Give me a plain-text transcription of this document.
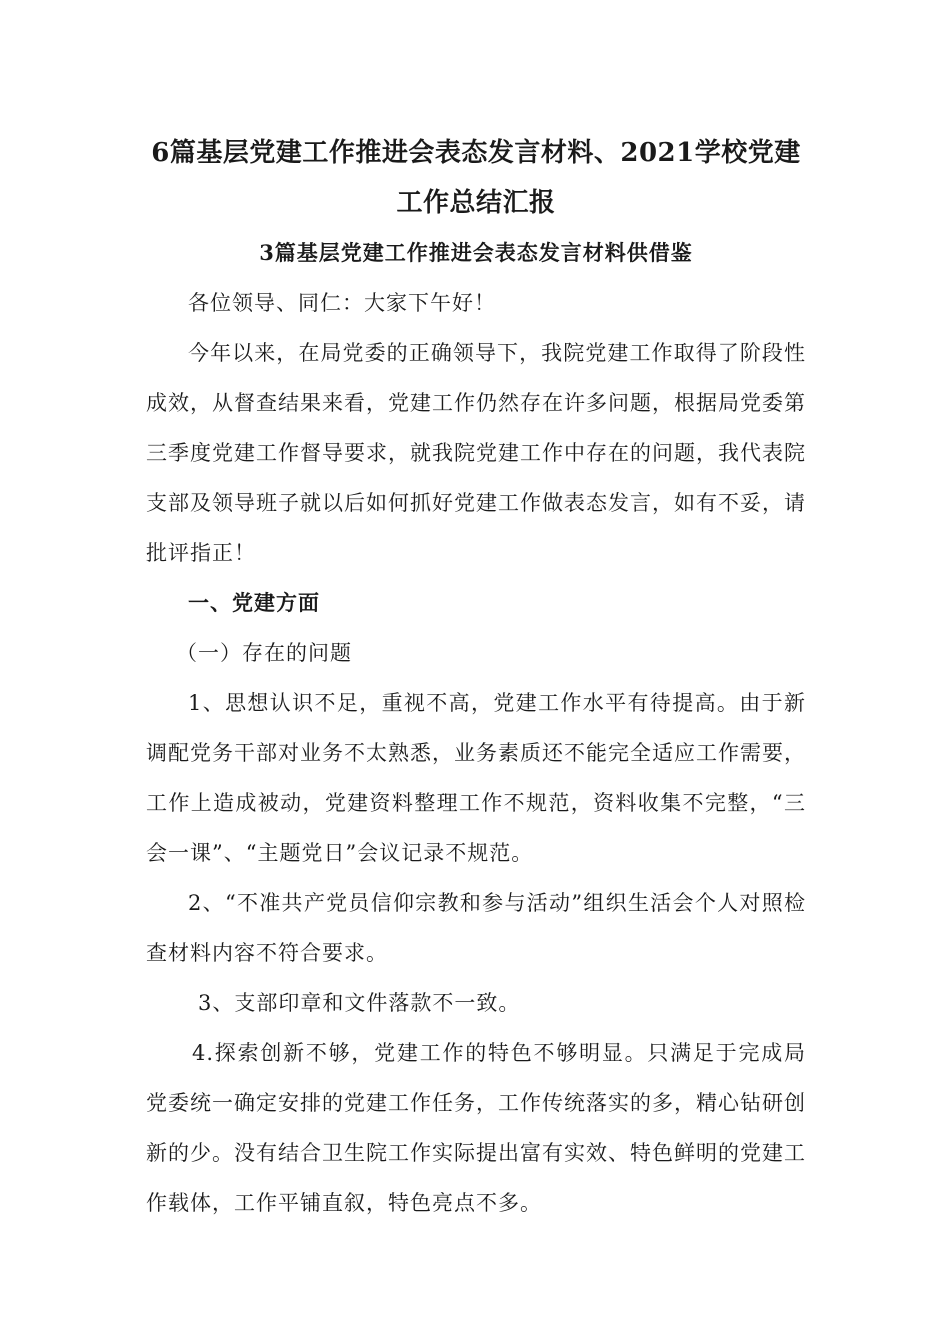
6篇基层党建工作推进会表态发言材料、2021学校党建工作总结汇报
3篇基层党建工作推进会表态发言材料供借鉴

各位领导、同仁：大家下午好！

今年以来，在局党委的正确领导下，我院党建工作取得了阶段性成效，从督查结果来看，党建工作仍然存在许多问题，根据局党委第三季度党建工作督导要求，就我院党建工作中存在的问题，我代表院支部及领导班子就以后如何抓好党建工作做表态发言，如有不妥，请批评指正！

一、党建方面

（一）存在的问题

1、思想认识不足，重视不高，党建工作水平有待提高。由于新调配党务干部对业务不太熟悉，业务素质还不能完全适应工作需要，工作上造成被动，党建资料整理工作不规范，资料收集不完整，“三会一课”、“主题党日”会议记录不规范。

2、“不准共产党员信仰宗教和参与活动”组织生活会个人对照检查材料内容不符合要求。

3、支部印章和文件落款不一致。

4.探索创新不够，党建工作的特色不够明显。只满足于完成局党委统一确定安排的党建工作任务，工作传统落实的多，精心钻研创新的少。没有结合卫生院工作实际提出富有实效、特色鲜明的党建工作载体，工作平铺直叙，特色亮点不多。
